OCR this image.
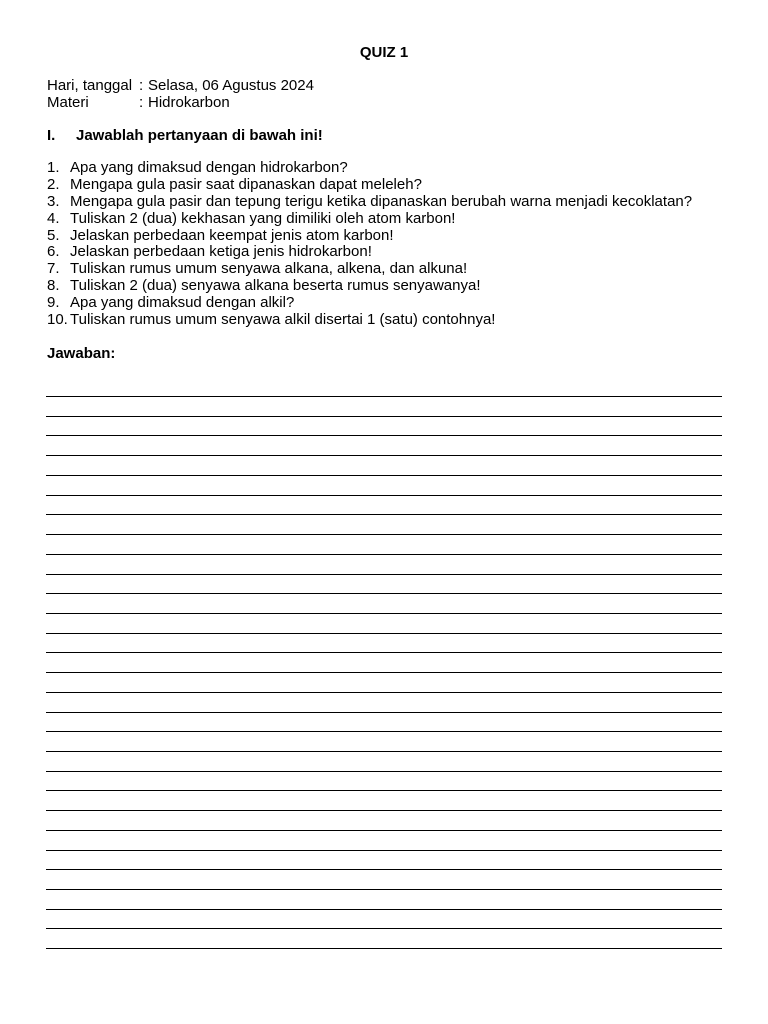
QUIZ 1
Hari, tanggal : Selasa, 06 Agustus 2024
Materi	: Hidrokarbon
I. Jawablah pertanyaan di bawah ini!
1. Apa yang dimaksud dengan hidrokarbon?
2. Mengapa gula pasir saat dipanaskan dapat meleleh?
3. Mengapa gula pasir dan tepung terigu ketika dipanaskan berubah warna menjadi kecoklatan?
4. Tuliskan 2 (dua) kekhasan yang dimiliki oleh atom karbon!
5. Jelaskan perbedaan keempat jenis atom karbon!
6. Jelaskan perbedaan ketiga jenis hidrokarbon!
7. Tuliskan rumus umum senyawa alkana, alkena, dan alkuna!
8. Tuliskan 2 (dua) senyawa alkana beserta rumus senyawanya!
9. Apa yang dimaksud dengan alkil?
10. Tuliskan rumus umum senyawa alkil disertai 1 (satu) contohnya!
Jawaban:
